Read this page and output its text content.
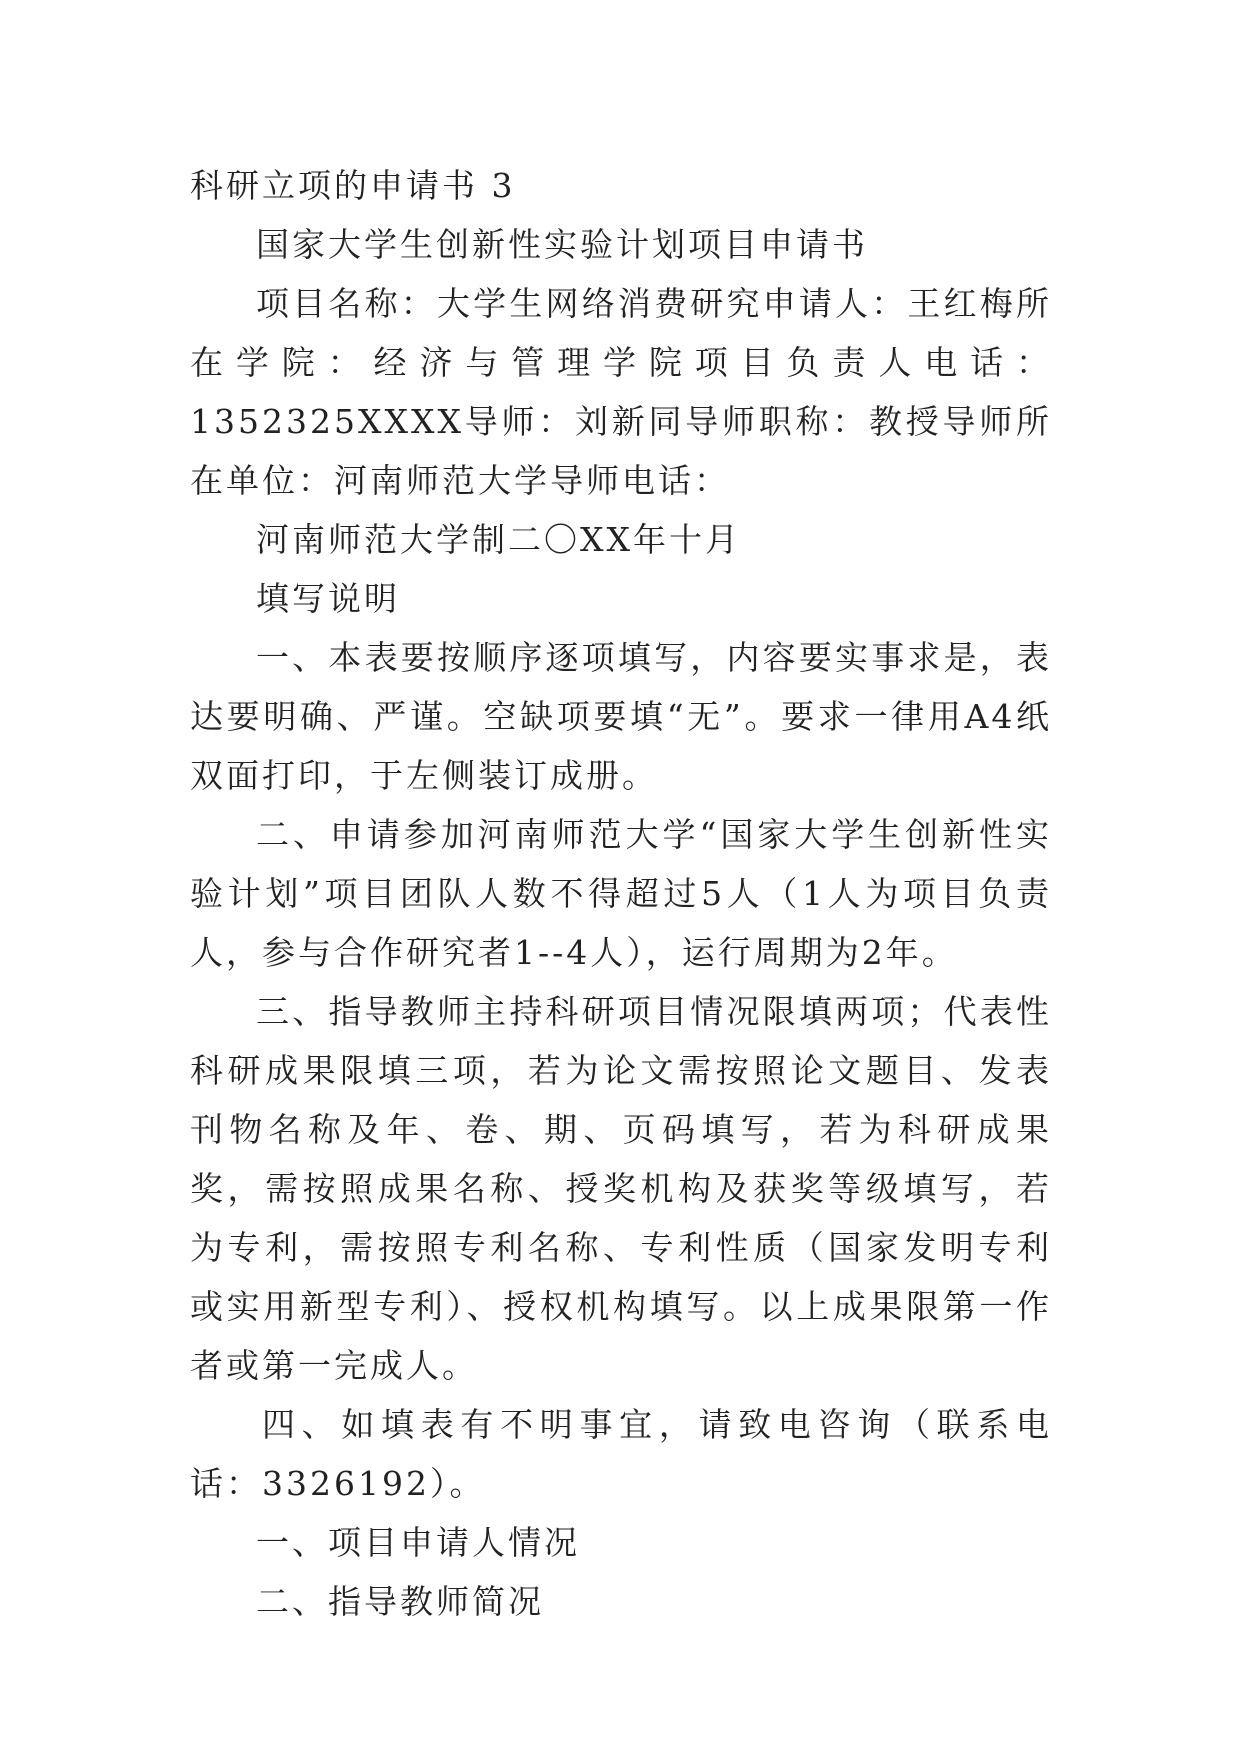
科研立项的申请书 3

国家大学生创新性实验计划项目申请书

项目名称：大学生网络消费研究申请人：王红梅所在学院：经济与管理学院项目负责人电话：1352325XXXX导师：刘新同导师职称：教授导师所在单位：河南师范大学导师电话：

河南师范大学制二〇XX年十月

填写说明

一、本表要按顺序逐项填写，内容要实事求是，表达要明确、严谨。空缺项要填“无”。要求一律用A4纸双面打印，于左侧装订成册。

二、申请参加河南师范大学“国家大学生创新性实验计划”项目团队人数不得超过5人（1人为项目负责人，参与合作研究者1--4人），运行周期为2年。

三、指导教师主持科研项目情况限填两项；代表性科研成果限填三项，若为论文需按照论文题目、发表刊物名称及年、卷、期、页码填写，若为科研成果奖，需按照成果名称、授奖机构及获奖等级填写，若为专利，需按照专利名称、专利性质（国家发明专利或实用新型专利）、授权机构填写。以上成果限第一作者或第一完成人。

四、如填表有不明事宜，请致电咨询（联系电话：3326192）。

一、项目申请人情况

二、指导教师简况
